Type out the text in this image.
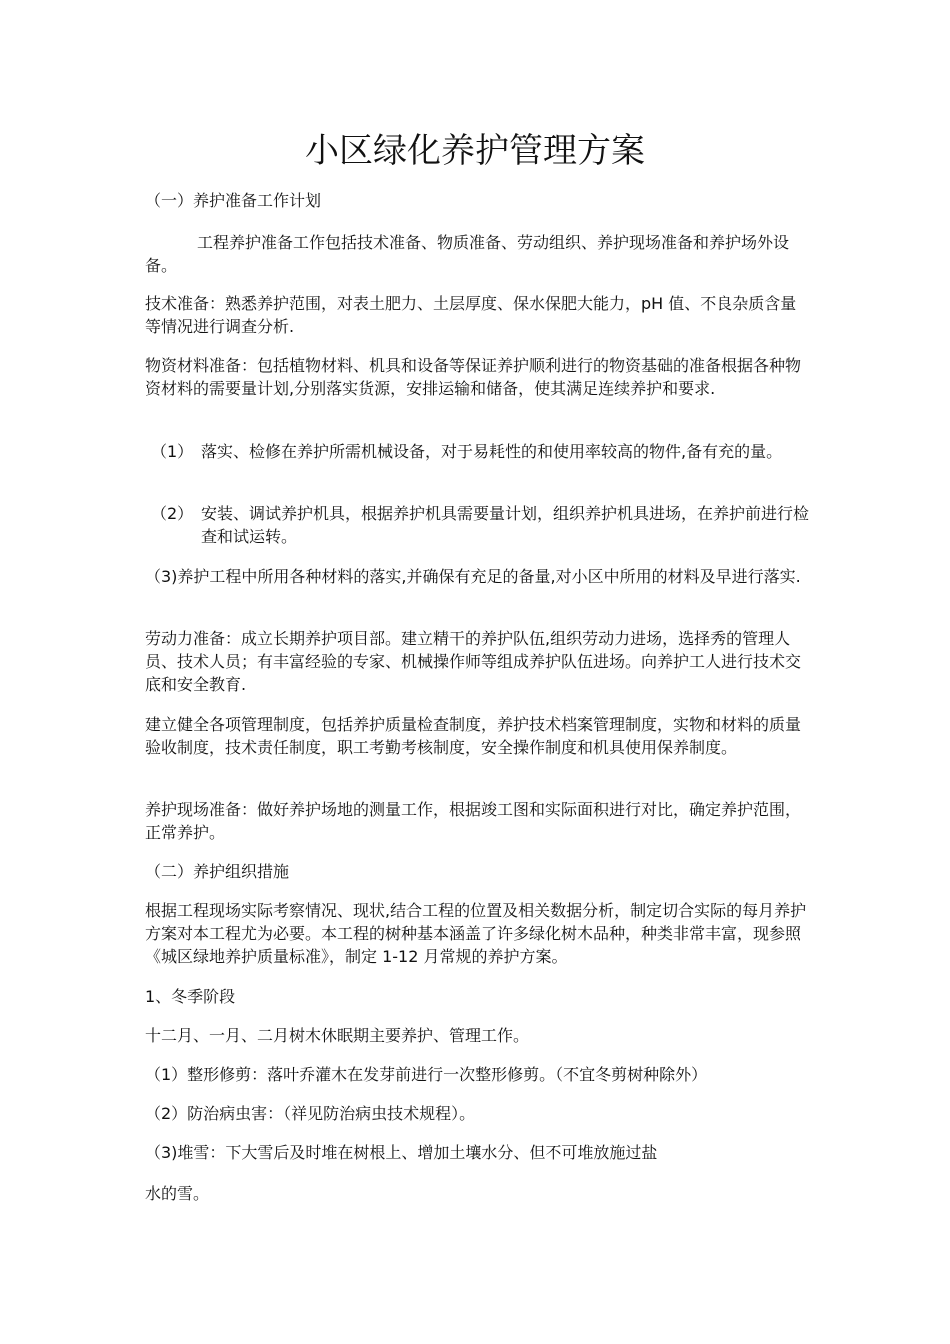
小区绿化养护管理方案

（一）养护准备工作计划

工程养护准备工作包括技术准备、物质准备、劳动组织、养护现场准备和养护场外设备。

技术准备：熟悉养护范围，对表土肥力、土层厚度、保水保肥大能力，pH 值、不良杂质含量等情况进行调查分析.

物资材料准备：包括植物材料、机具和设备等保证养护顺利进行的物资基础的准备根据各种物资材料的需要量计划,分别落实货源，安排运输和储备，使其满足连续养护和要求.

（1） 落实、检修在养护所需机械设备，对于易耗性的和使用率较高的物件,备有充的量。
（2） 安装、调试养护机具，根据养护机具需要量计划，组织养护机具进场，在养护前进行检查和试运转。

（3)养护工程中所用各种材料的落实,并确保有充足的备量,对小区中所用的材料及早进行落实.

劳动力准备：成立长期养护项目部。建立精干的养护队伍,组织劳动力进场，选择秀的管理人员、技术人员；有丰富经验的专家、机械操作师等组成养护队伍进场。向养护工人进行技术交底和安全教育.

建立健全各项管理制度，包括养护质量检查制度，养护技术档案管理制度，实物和材料的质量验收制度，技术责任制度，职工考勤考核制度，安全操作制度和机具使用保养制度。

养护现场准备：做好养护场地的测量工作，根据竣工图和实际面积进行对比，确定养护范围，正常养护。

（二）养护组织措施

根据工程现场实际考察情况、现状,结合工程的位置及相关数据分析，制定切合实际的每月养护方案对本工程尤为必要。本工程的树种基本涵盖了许多绿化树木品种，种类非常丰富，现参照《城区绿地养护质量标准》，制定 1-12 月常规的养护方案。

1、冬季阶段

十二月、一月、二月树木休眠期主要养护、管理工作。

（1）整形修剪：落叶乔灌木在发芽前进行一次整形修剪。（不宜冬剪树种除外）

（2）防治病虫害：（祥见防治病虫技术规程）。

（3)堆雪：下大雪后及时堆在树根上、增加土壤水分、但不可堆放施过盐

水的雪。
